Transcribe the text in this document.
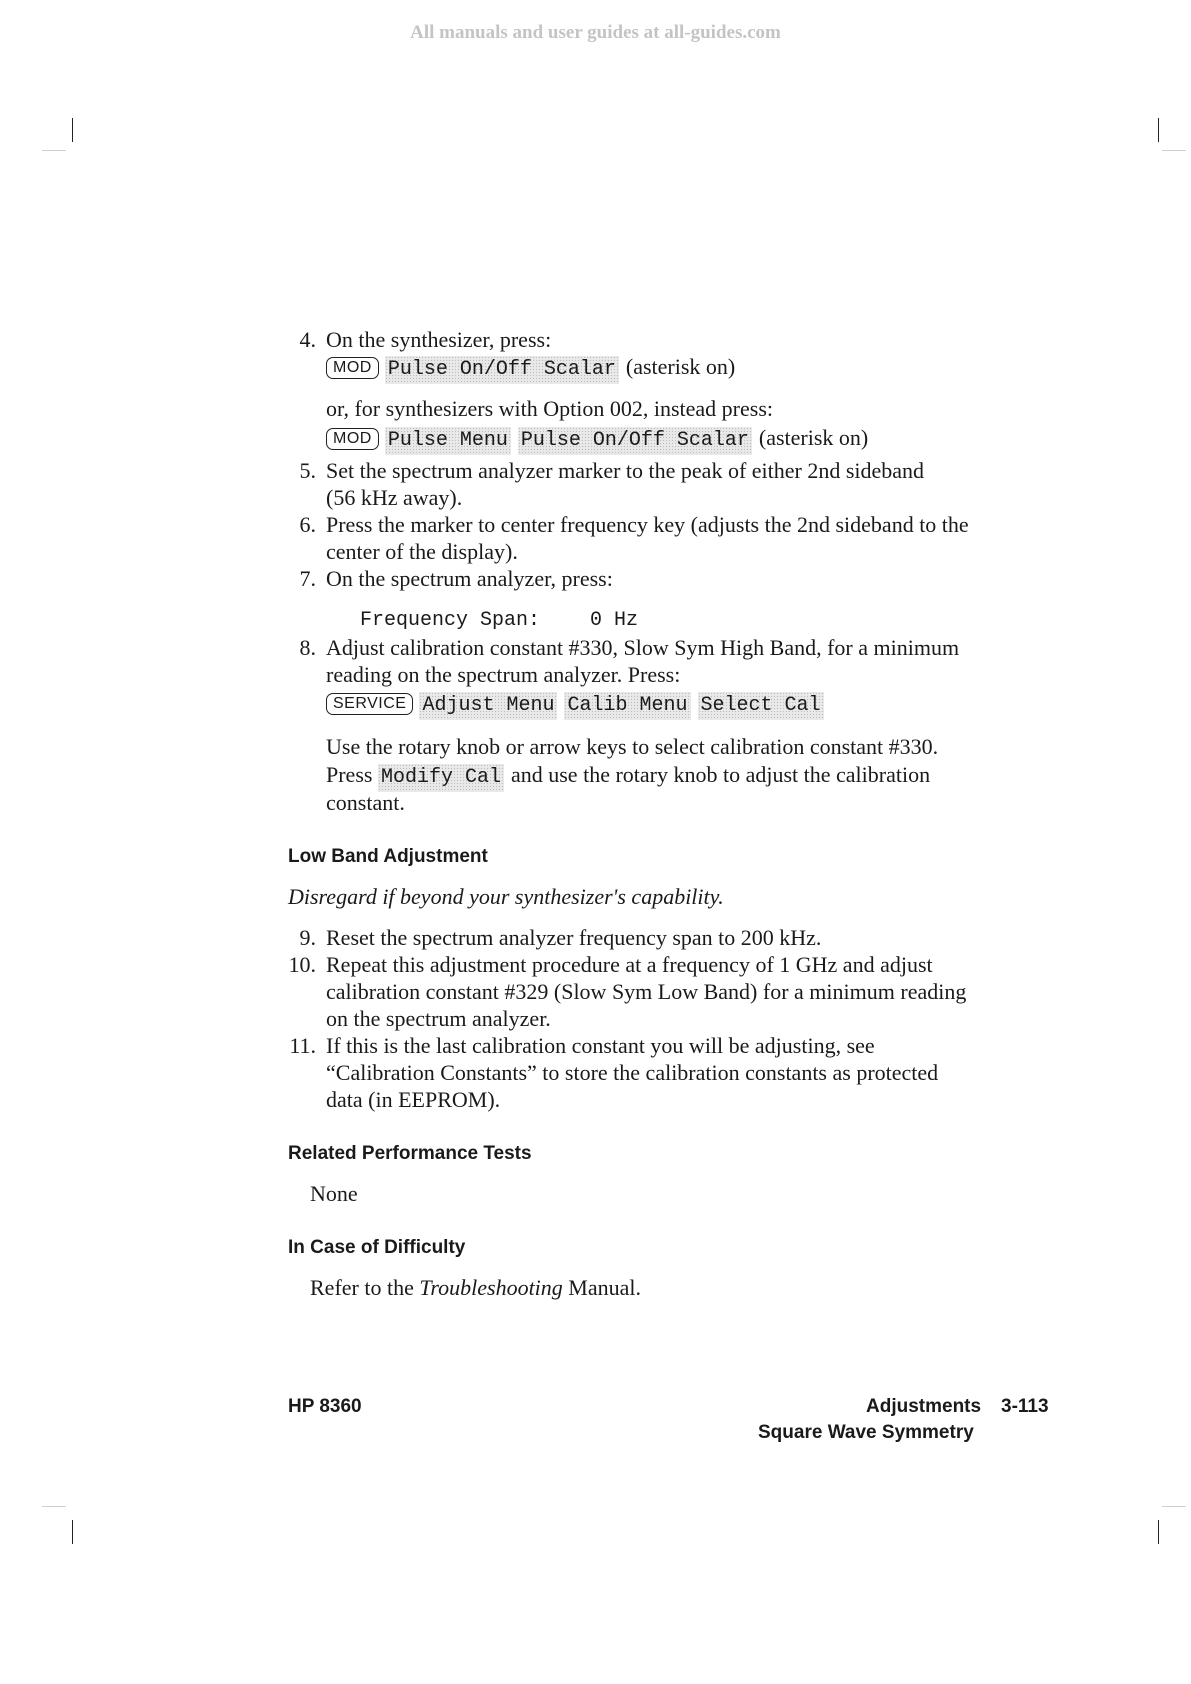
All manuals and user guides at all-guides.com
4. On the synthesizer, press:
MOD Pulse On/Off Scalar (asterisk on)
or, for synthesizers with Option 002, instead press:
MOD Pulse Menu Pulse On/Off Scalar (asterisk on)
5. Set the spectrum analyzer marker to the peak of either 2nd sideband
(56 kHz away).
6. Press the marker to center frequency key (adjusts the 2nd sideband to the
center of the display).
7. On the spectrum analyzer, press:
Frequency Span: 0 Hz
8. Adjust calibration constant #330, Slow Sym High Band, for a minimum
reading on the spectrum analyzer. Press:
SERVICE Adjust Menu Calib Menu Select Cal
Use the rotary knob or arrow keys to select calibration constant #330.
Press Modify Cal and use the rotary knob to adjust the calibration
constant.
Low Band Adjustment
Disregard if beyond your synthesizer's capability.
9. Reset the spectrum analyzer frequency span to 200 kHz.
10. Repeat this adjustment procedure at a frequency of 1 GHz and adjust
calibration constant #329 (Slow Sym Low Band) for a minimum reading
on the spectrum analyzer.
11. If this is the last calibration constant you will be adjusting, see
“Calibration Constants” to store the calibration constants as protected
data (in EEPROM).
Related Performance Tests
None
In Case of Difficulty
Refer to the Troubleshooting Manual.
HP 8360	Adjustments 3-113
Square Wave Symmetry
